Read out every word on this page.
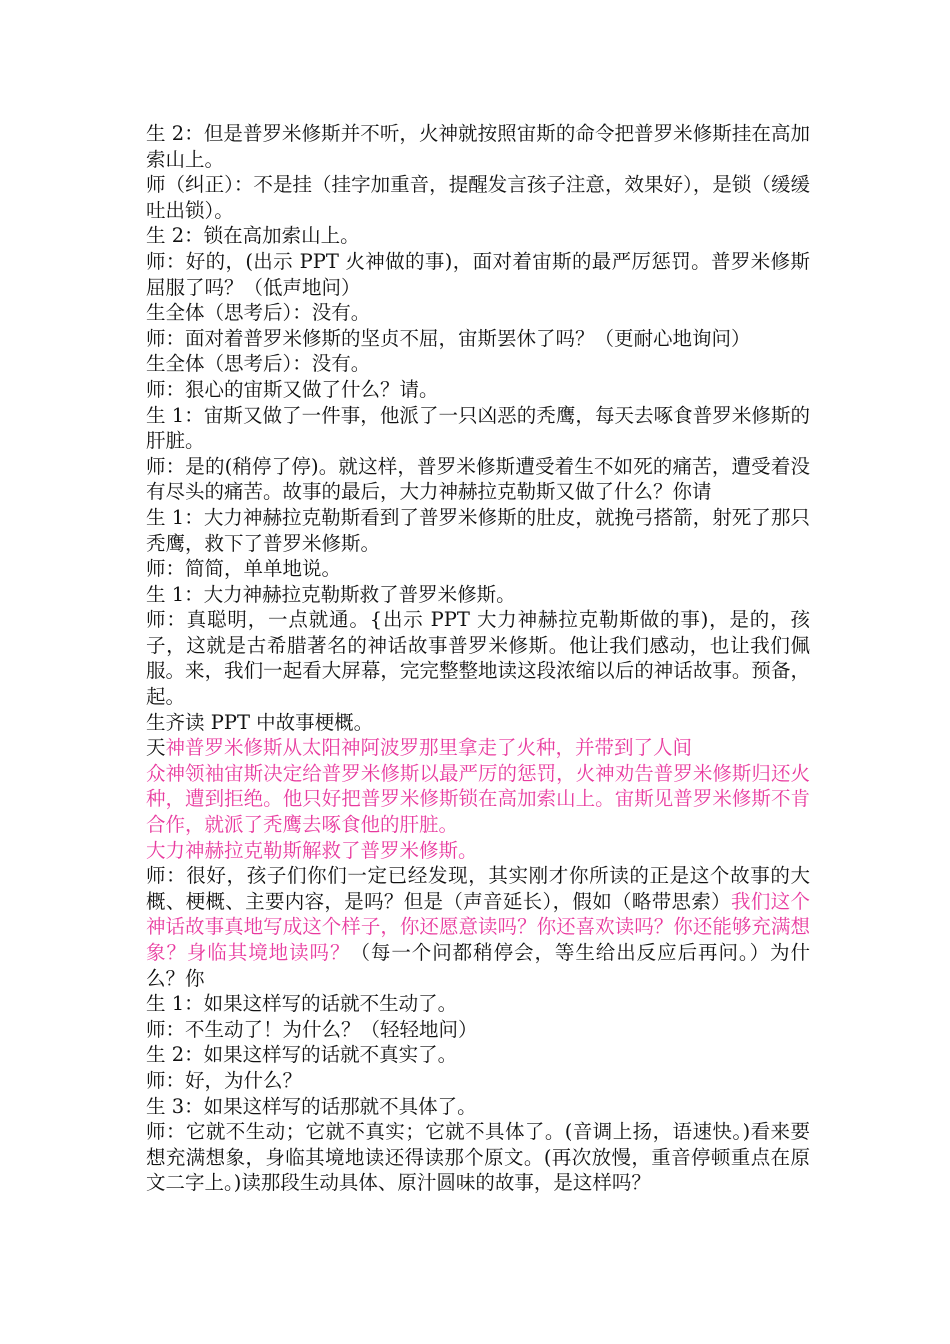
生 2：但是普罗米修斯并不听，火神就按照宙斯的命令把普罗米修斯挂在高加索山上。

师（纠正）：不是挂（挂字加重音，提醒发言孩子注意，效果好），是锁（缓缓吐出锁）。

生 2：锁在高加索山上。

师：好的，(出示 PPT 火神做的事)，面对着宙斯的最严厉惩罚。普罗米修斯屈服了吗？（低声地问）

生全体（思考后）：没有。

师：面对着普罗米修斯的坚贞不屈，宙斯罢休了吗？（更耐心地询问）

生全体（思考后）：没有。

师：狠心的宙斯又做了什么？请。

生 1：宙斯又做了一件事，他派了一只凶恶的秃鹰，每天去啄食普罗米修斯的肝脏。

师：是的(稍停了停)。就这样，普罗米修斯遭受着生不如死的痛苦，遭受着没有尽头的痛苦。故事的最后，大力神赫拉克勒斯又做了什么？你请

生 1：大力神赫拉克勒斯看到了普罗米修斯的肚皮，就挽弓搭箭，射死了那只秃鹰，救下了普罗米修斯。

师：简简，单单地说。

生 1：大力神赫拉克勒斯救了普罗米修斯。

师：真聪明，一点就通。{出示 PPT 大力神赫拉克勒斯做的事)，是的，孩子，这就是古希腊著名的神话故事普罗米修斯。他让我们感动，也让我们佩服。来，我们一起看大屏幕，完完整整地读这段浓缩以后的神话故事。预备，起。

生齐读 PPT 中故事梗概。

天神普罗米修斯从太阳神阿波罗那里拿走了火种，并带到了人间

众神领袖宙斯决定给普罗米修斯以最严厉的惩罚，火神劝告普罗米修斯归还火种，遭到拒绝。他只好把普罗米修斯锁在高加索山上。宙斯见普罗米修斯不肯合作，就派了秃鹰去啄食他的肝脏。

大力神赫拉克勒斯解救了普罗米修斯。

师：很好，孩子们你们一定已经发现，其实刚才你所读的正是这个故事的大概、梗概、主要内容，是吗？但是（声音延长），假如（略带思索）我们这个神话故事真地写成这个样子，你还愿意读吗？你还喜欢读吗？你还能够充满想象？身临其境地读吗？（每一个问都稍停会，等生给出反应后再问。）为什么？你

生 1：如果这样写的话就不生动了。

师：不生动了！为什么？（轻轻地问）

生 2：如果这样写的话就不真实了。

师：好，为什么？

生 3：如果这样写的话那就不具体了。

师：它就不生动；它就不真实；它就不具体了。(音调上扬，语速快。)看来要想充满想象，身临其境地读还得读那个原文。(再次放慢，重音停顿重点在原文二字上。)读那段生动具体、原汁圆味的故事，是这样吗？
